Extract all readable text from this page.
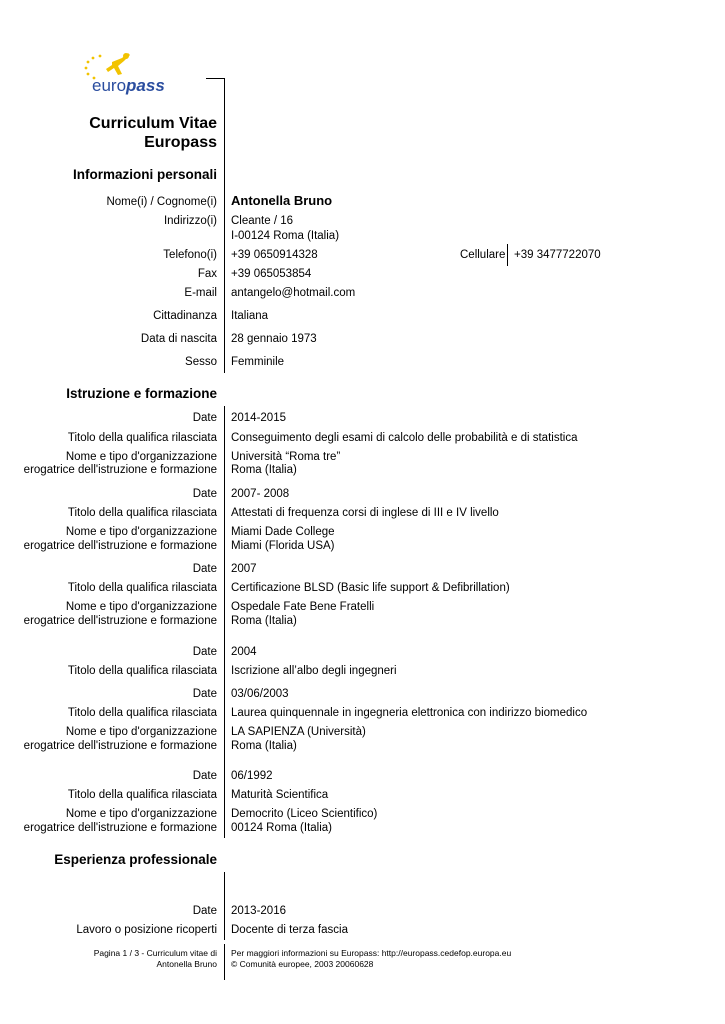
europass
Curriculum Vitae
Europass
Informazioni personali
Nome(i) / Cognome(i) Antonella Bruno
Indirizzo(i) Cleante / 16
I-00124 Roma (Italia)
Telefono(i) +39 0650914328	Cellulare +39 3477722070
Fax +39 065053854
E-mail antangelo@hotmail.com
Cittadinanza Italiana
Data di nascita 28 gennaio 1973
Sesso Femminile
Istruzione e formazione
Date 2014-2015
Titolo della qualifica rilasciata Conseguimento degli esami di calcolo delle probabilità e di statistica
Nome e tipo d'organizzazione
erogatrice dell'istruzione e formazione
Università “Roma tre”
Roma (Italia)
Date 2007- 2008
Titolo della qualifica rilasciata Attestati di frequenza corsi di inglese di III e IV livello
Nome e tipo d'organizzazione
erogatrice dell'istruzione e formazione
Miami Dade College
Miami (Florida USA)
Date 2007
Titolo della qualifica rilasciata Certificazione BLSD (Basic life support & Defibrillation)
Nome e tipo d'organizzazione
erogatrice dell'istruzione e formazione
Ospedale Fate Bene Fratelli
Roma (Italia)
Date 2004
Titolo della qualifica rilasciata Iscrizione all’albo degli ingegneri
Date 03/06/2003
Titolo della qualifica rilasciata Laurea quinquennale in ingegneria elettronica con indirizzo biomedico
Nome e tipo d'organizzazione
erogatrice dell'istruzione e formazione
LA SAPIENZA (Università)
Roma (Italia)
Date 06/1992
Titolo della qualifica rilasciata Maturità Scientifica
Nome e tipo d'organizzazione
erogatrice dell'istruzione e formazione
Democrito (Liceo Scientifico)
00124 Roma (Italia)
Esperienza professionale
Date 2013-2016
Lavoro o posizione ricoperti Docente di terza fascia
Pagina 1 / 3 - Curriculum vitae di
Antonella Bruno
Per maggiori informazioni su Europass: http://europass.cedefop.europa.eu
© Comunità europee, 2003 20060628
